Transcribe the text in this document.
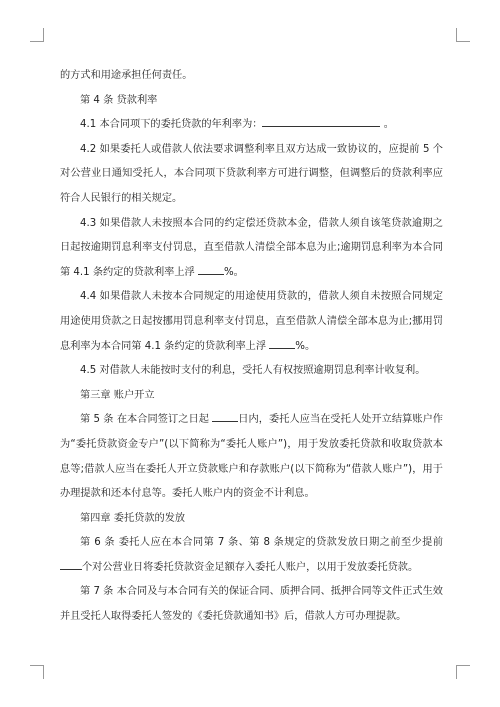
的方式和用途承担任何责任。

第 4 条 贷款利率

4.1 本合同项下的委托贷款的年利率为：	。

4.2 如果委托人或借款人依法要求调整利率且双方达成一致协议的，应提前 5 个对公营业日通知受托人，本合同项下贷款利率方可进行调整，但调整后的贷款利率应符合人民银行的相关规定。

4.3 如果借款人未按照本合同的约定偿还贷款本金，借款人须自该笔贷款逾期之日起按逾期罚息利率支付罚息，直至借款人清偿全部本息为止;逾期罚息利率为本合同第 4.1 条约定的贷款利率上浮	%。

4.4 如果借款人未按本合同规定的用途使用贷款的，借款人须自未按照合同规定用途使用贷款之日起按挪用罚息利率支付罚息，直至借款人清偿全部本息为止;挪用罚息利率为本合同第 4.1 条约定的贷款利率上浮	%。

4.5 对借款人未能按时支付的利息，受托人有权按照逾期罚息利率计收复利。

第三章 账户开立

第 5 条 在本合同签订之日起	日内，委托人应当在受托人处开立结算账户作为“委托贷款资金专户”(以下简称为“委托人账户”)，用于发放委托贷款和收取贷款本息等;借款人应当在委托人开立贷款账户和存款账户(以下简称为“借款人账户”)，用于办理提款和还本付息等。委托人账户内的资金不计利息。

第四章 委托贷款的发放

第 6 条 委托人应在本合同第 7 条、第 8 条规定的贷款发放日期之前至少提前 个对公营业日将委托贷款资金足额存入委托人账户，以用于发放委托贷款。

第 7 条 本合同及与本合同有关的保证合同、质押合同、抵押合同等文件正式生效并且受托人取得委托人签发的《委托贷款通知书》后，借款人方可办理提款。
